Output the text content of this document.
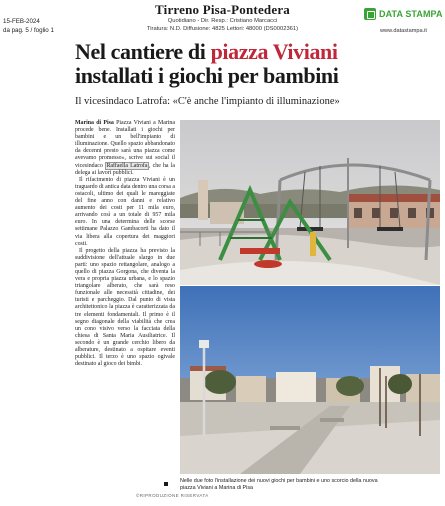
15-FEB-2024
da pag. 5 / foglio 1
Tirreno Pisa-Pontedera
Quotidiano - Dir. Resp.: Cristiano Marcacci
Tiratura: N.D. Diffusione: 4825 Lettori: 48000 (DS0002361)
DATA STAMPA
www.datastampa.it
Nel cantiere di piazza Viviani
installati i giochi per bambini
Il vicesindaco Latrofa: «C'è anche l'impianto di illuminazione»

Marina di Pisa Piazza Viviani a Marina procede bene. Installati i giochi per bambini e un bell'impianto di illuminazione. Quello spazio abbandonato da decenni presto sarà una piazza come avevamo promesso», scrive sui social il vicesindaco Raffaella Latrofa , che ha la delega ai lavori pubblici.

Il rifacimento di piazza Viviani è un traguardo di antica data dentro una corsa a ostacoli, ultimo dei quali le mareggiate del fine anno con danni e relativo aumento dei costi per 11 mila euro, arrivando così a un totale di 957 mila euro. In una determina delle scorse settimane Palazzo Gambacorti ha dato il via libera alla copertura dei maggiori costi.

Il progetto della piazza ha previsto la suddivisione dell'attuale slargo in due parti: uno spazio rettangolare, analogo a quello di piazza Gorgona, che diventa la vera e propria piazza urbana, e lo spazio triangolare alberato, che sarà reso funzionale alle necessità cittadine, dei turisti e parcheggio. Dal punto di vista architettonico la piazza è caratterizzata da tre elementi fondamentali. Il primo è il segno diagonale della viabilità che crea un cono visivo verso la facciata della chiesa di Santa Maria Ausiliatrice. Il secondo è un grande cerchio libero da alberature, destinato a ospitare eventi pubblici. Il terzo è uno spazio ogivale destinato al gioco dei bimbi.

©RIPRODUZIONE RISERVATA
Nelle due foto l'installazione dei nuovi giochi per bambini e uno scorcio della nuova piazza Viviani a Marina di Pisa
